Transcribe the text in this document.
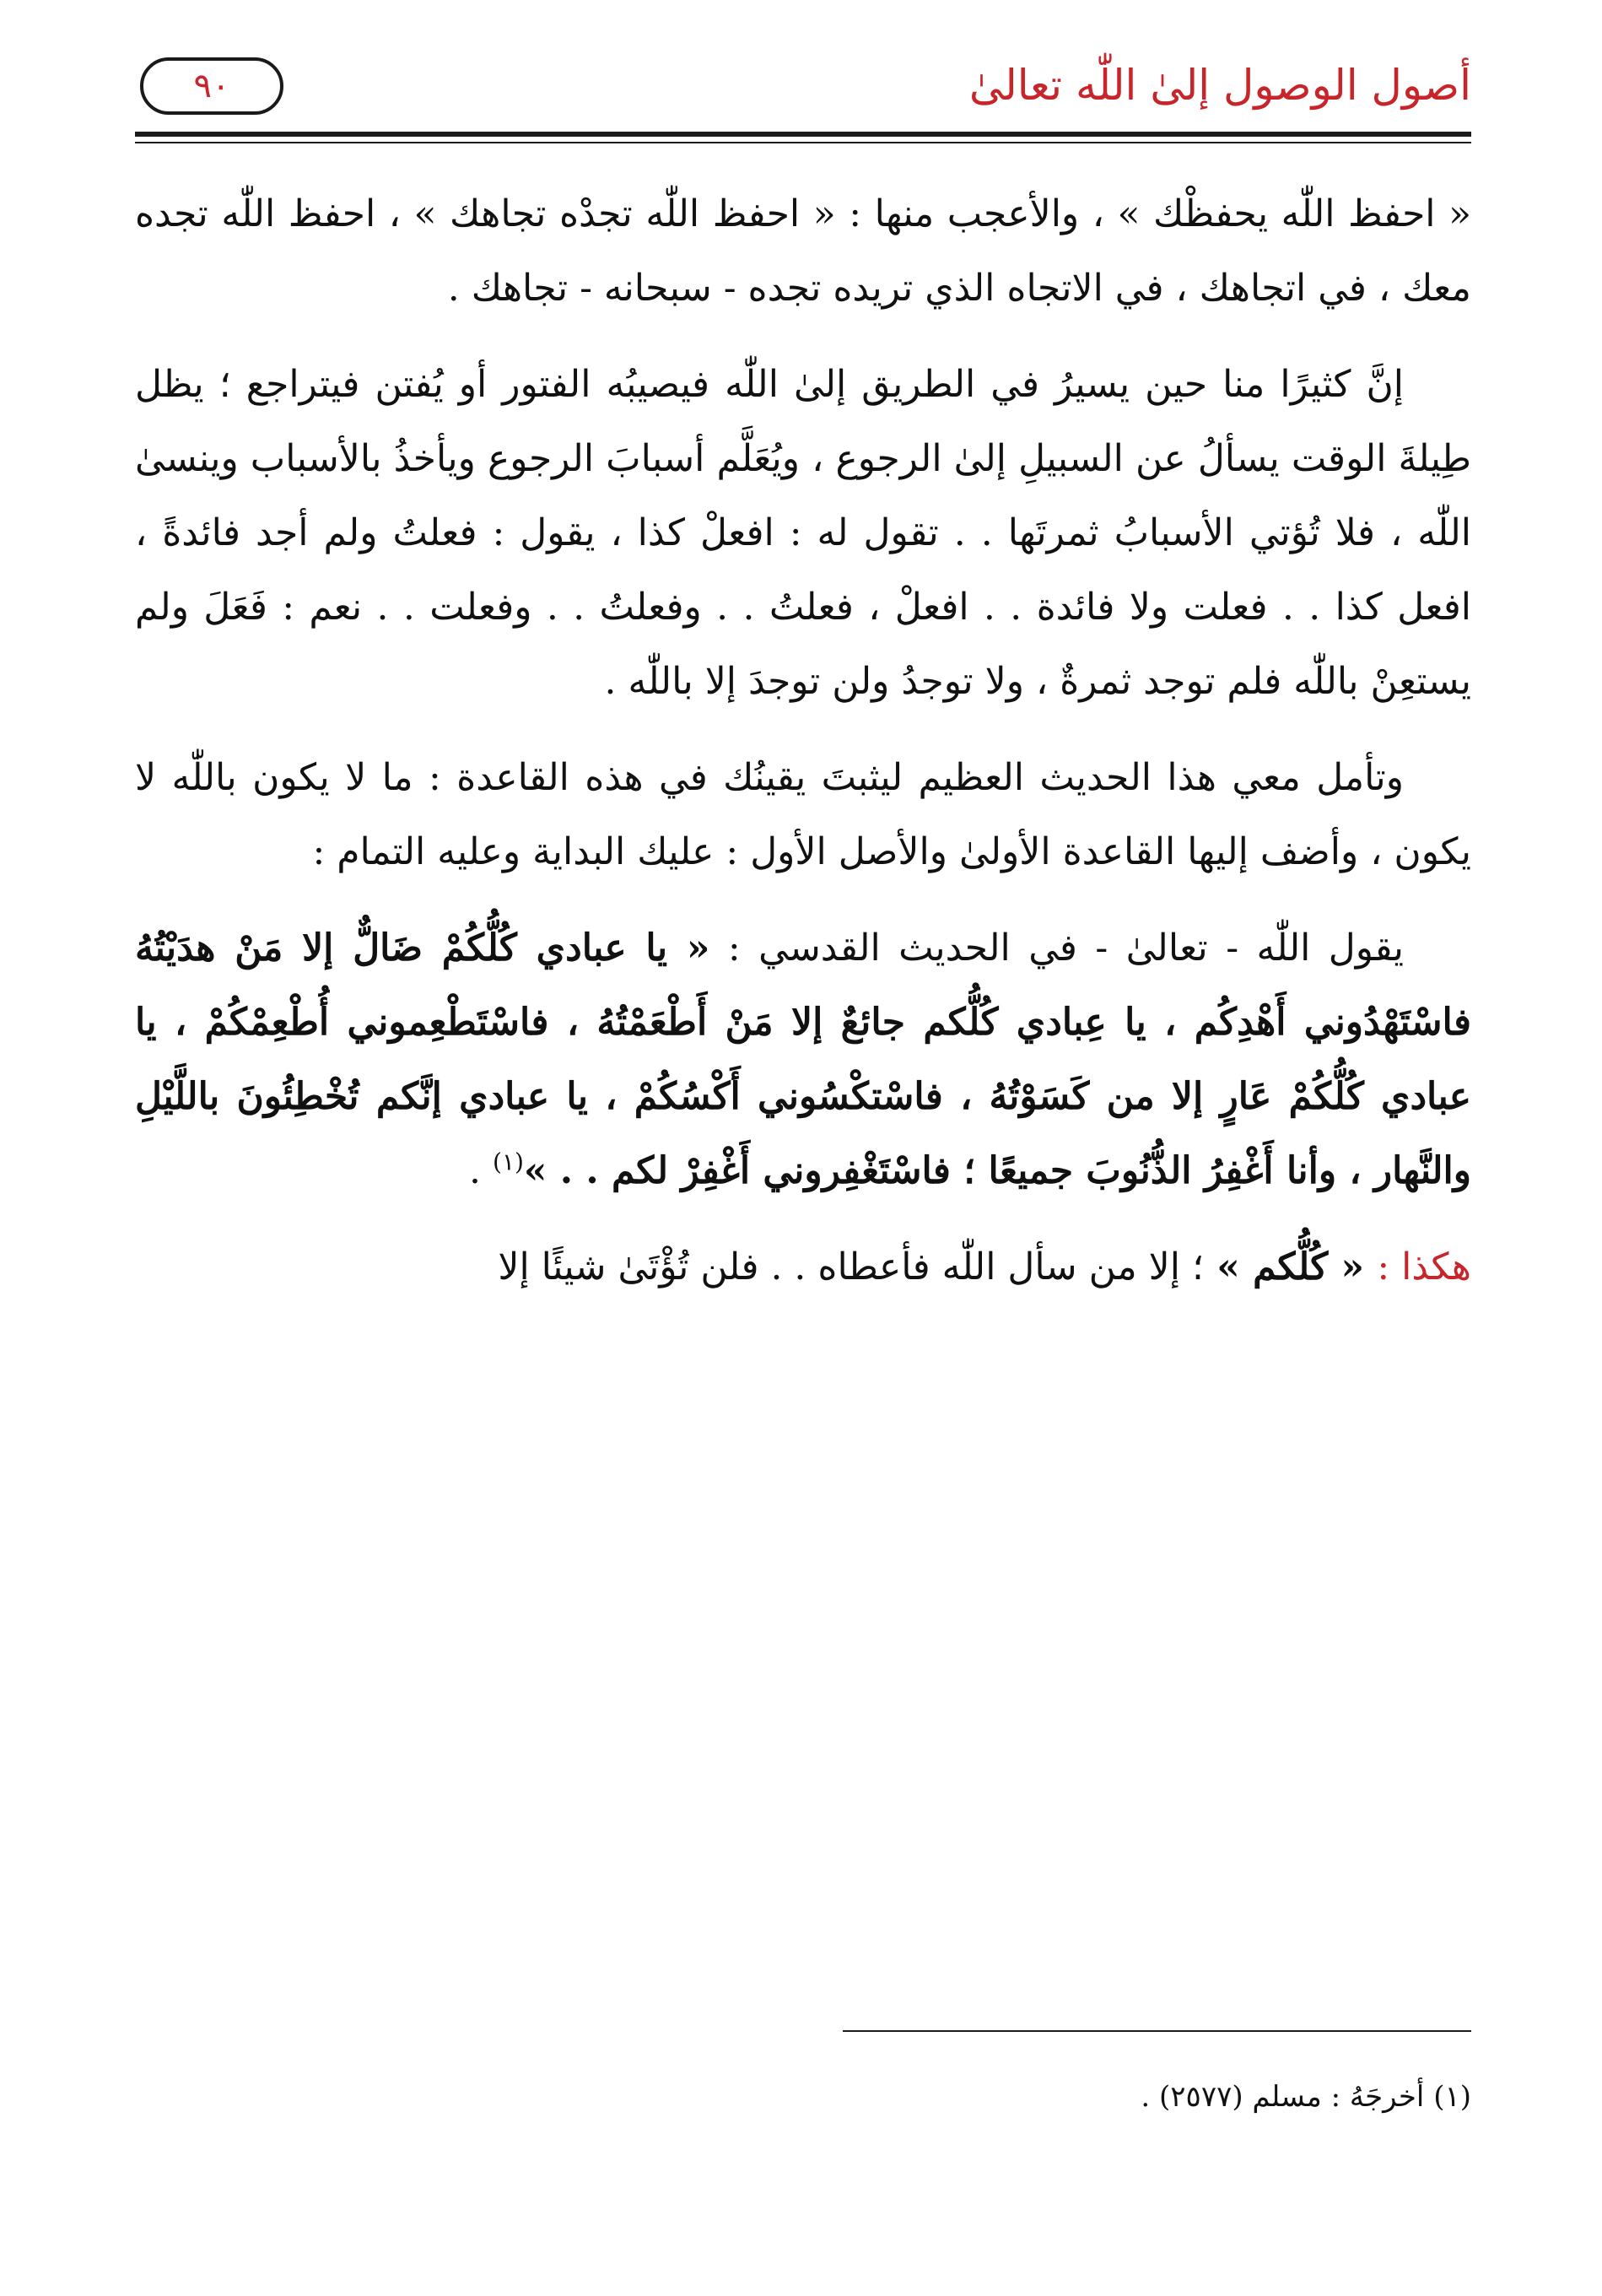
أصول الوصول إلىٰ اللّٰه تعالىٰ
٩٠

« احفظ اللّٰه يحفظْك » ، والأعجب منها : « احفظ اللّٰه تجدْه تجاهك » ، احفظ اللّٰه تجده معك ، في اتجاهك ، في الاتجاه الذي تريده تجده - سبحانه - تجاهك .

إنَّ كثيرًا منا حين يسيرُ في الطريق إلىٰ اللّٰه فيصيبُه الفتور أو يُفتن فيتراجع ؛ يظل طِيلةَ الوقت يسألُ عن السبيلِ إلىٰ الرجوع ، ويُعَلَّم أسبابَ الرجوع ويأخذُ بالأسباب وينسىٰ اللّٰه ، فلا تُؤتي الأسبابُ ثمرتَها . . تقول له : افعلْ كذا ، يقول : فعلتُ ولم أجد فائدةً ، افعل كذا . . فعلت ولا فائدة . . افعلْ ، فعلتُ . . وفعلتُ . . وفعلت . . نعم : فَعَلَ ولم يستعِنْ باللّٰه فلم توجد ثمرةٌ ، ولا توجدُ ولن توجدَ إلا باللّٰه .

وتأمل معي هذا الحديث العظيم ليثبتَ يقينُك في هذه القاعدة : ما لا يكون باللّٰه لا يكون ، وأضف إليها القاعدة الأولىٰ والأصل الأول : عليك البداية وعليه التمام :

يقول اللّٰه - تعالىٰ - في الحديث القدسي : « يا عبادي كُلُّكُمْ ضَالٌّ إلا مَنْ هدَيْتُهُ فاسْتَهْدُوني أَهْدِكُم ، يا عِبادي كُلُّكم جائعٌ إلا مَنْ أَطْعَمْتُهُ ، فاسْتَطْعِموني أُطْعِمْكُمْ ، يا عبادي كُلُّكُمْ عَارٍ إلا من كَسَوْتُهُ ، فاسْتكْسُوني أَكْسُكُمْ ، يا عبادي إنَّكم تُخْطِئُونَ باللَّيْلِ والنَّهار ، وأنا أَغْفِرُ الذُّنُوبَ جميعًا ؛ فاسْتَغْفِروني أَغْفِرْ لكم . . »$^{(١)}$ .

هكذا : « كُلُّكم » ؛ إلا من سأل اللّٰه فأعطاه . . فلن تُؤْتَىٰ شيئًا إلا

(١) أخرجَهُ : مسلم (٢٥٧٧) .
